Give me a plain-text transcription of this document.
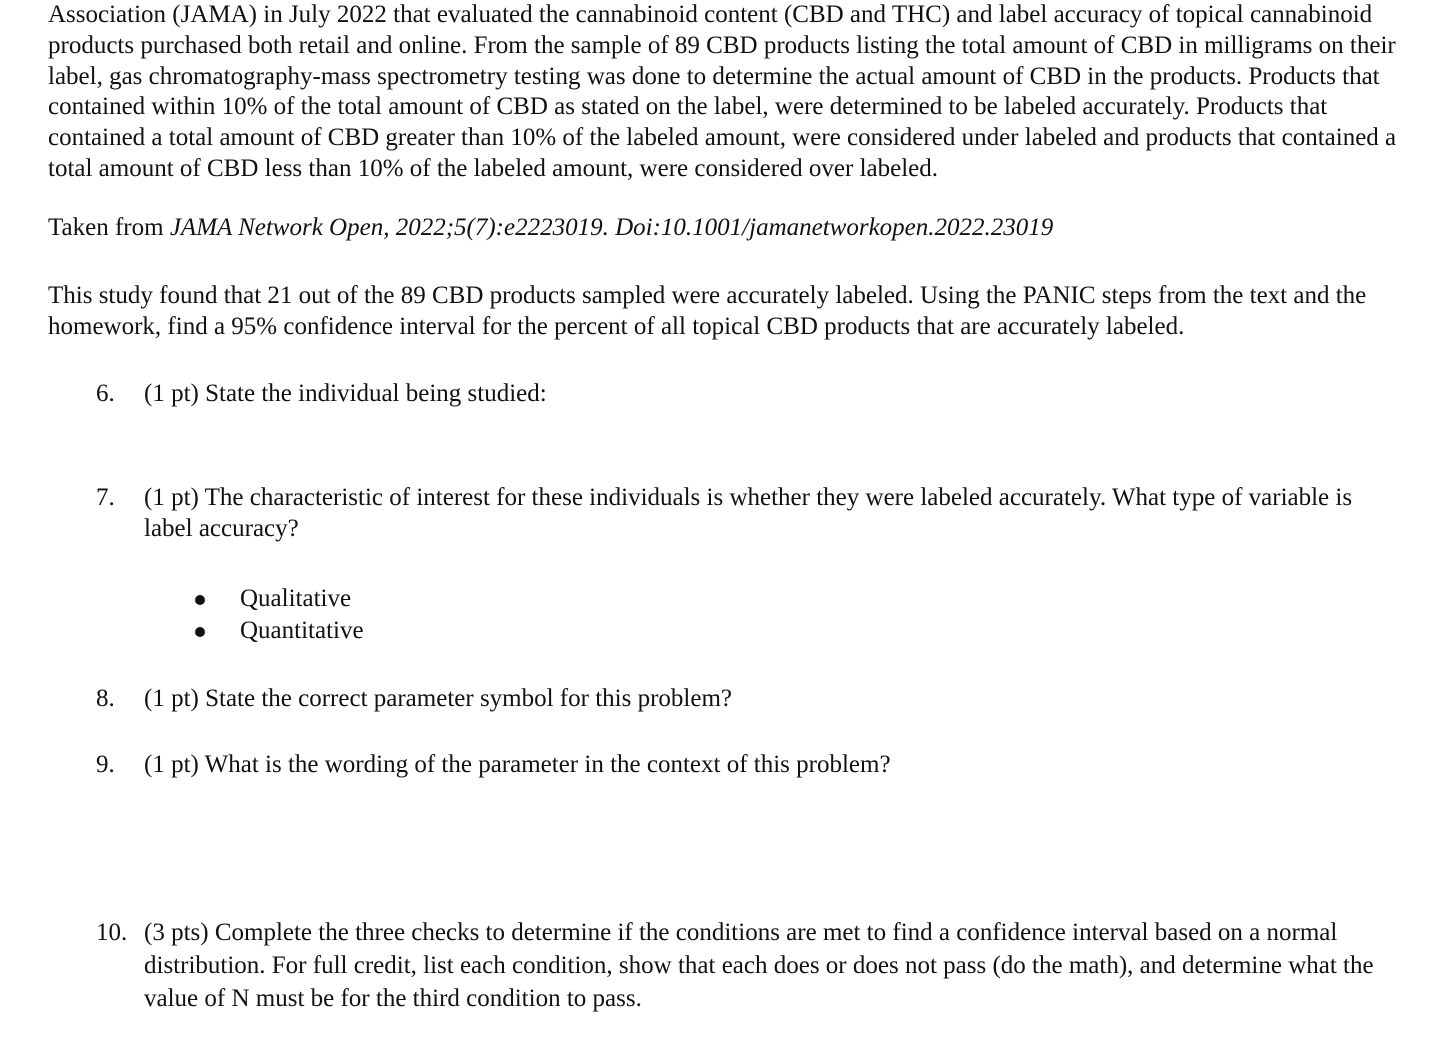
Association (JAMA) in July 2022 that evaluated the cannabinoid content (CBD and THC) and label accuracy of topical cannabinoid products purchased both retail and online. From the sample of 89 CBD products listing the total amount of CBD in milligrams on their label, gas chromatography-mass spectrometry testing was done to determine the actual amount of CBD in the products. Products that contained within 10% of the total amount of CBD as stated on the label, were determined to be labeled accurately. Products that contained a total amount of CBD greater than 10% of the labeled amount, were considered under labeled and products that contained a total amount of CBD less than 10% of the labeled amount, were considered over labeled.

Taken from JAMA Network Open, 2022;5(7):e2223019. Doi:10.1001/jamanetworkopen.2022.23019
This study found that 21 out of the 89 CBD products sampled were accurately labeled. Using the PANIC steps from the text and the homework, find a 95% confidence interval for the percent of all topical CBD products that are accurately labeled.
6. (1 pt) State the individual being studied:
7. (1 pt) The characteristic of interest for these individuals is whether they were labeled accurately. What type of variable is label accuracy?
Qualitative
Quantitative
8. (1 pt) State the correct parameter symbol for this problem?
9. (1 pt) What is the wording of the parameter in the context of this problem?
10. (3 pts) Complete the three checks to determine if the conditions are met to find a confidence interval based on a normal distribution. For full credit, list each condition, show that each does or does not pass (do the math), and determine what the value of N must be for the third condition to pass.
